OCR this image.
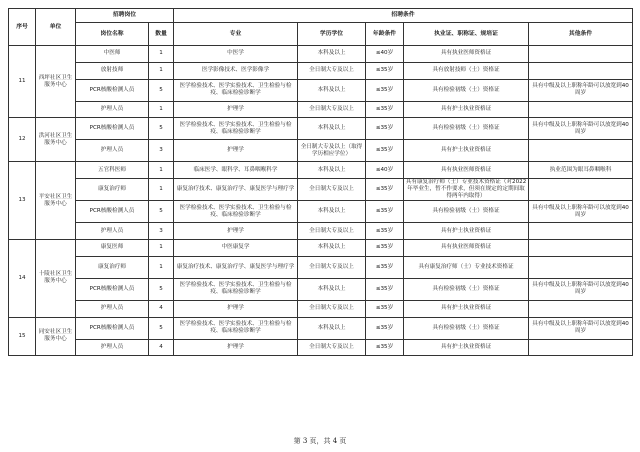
序号	单位	招聘岗位		招聘条件				
		岗位名称	数量	专业	学历学位	年龄条件	执业证、职称证、规培证	其他条件
11	西坪社区卫生服务中心	中医师	1	中医学	本科及以上	≤40岁	具有执业医师资格证	
		放射技师	1	医学影像技术、医学影像学	全日制大专及以上	≤35岁	具有放射技师（士）资格证	
		PCR核酸检测人员	5	医学检验技术、医学实验技术、卫生检验与检疫、临床检验诊断学	本科及以上	≤35岁	具有检验初级（士）资格证	具有中级及以上职称年龄可以放宽到40周岁
		护理人员	1	护理学	全日制大专及以上	≤35岁	具有护士执业资格证	
12	洪河社区卫生服务中心	PCR核酸检测人员	5	医学检验技术、医学实验技术、卫生检验与检疫、临床检验诊断学	本科及以上	≤35岁	具有检验初级（士）资格证	具有中级及以上职称年龄可以放宽到40周岁
		护理人员	3	护理学	全日制大专及以上（取得学历相应学位）	≤35岁	具有护士执业资格证	
13	平安社区卫生服务中心	五官科医师	1	临床医学、眼科学、耳鼻咽喉科学	本科及以上	≤40岁	具有执业医师资格证	执业范围为眼耳鼻咽喉科
		康复治疗师	1	康复治疗技术、康复治疗学、康复医学与理疗学	全日制大专及以上	≤35岁	具有康复治疗师（士）专业技术资格证（对2022年毕业生，暂不作要求，但须在规定的定期间取得两年内取得）	
		PCR核酸检测人员	5	医学检验技术、医学实验技术、卫生检验与检疫、临床检验诊断学	本科及以上	≤35岁	具有检验初级（士）资格证	具有中级及以上职称年龄可以放宽到40周岁
		护理人员	3	护理学	全日制大专及以上	≤35岁	具有护士执业资格证	
14	十陵社区卫生服务中心	康复医师	1	中医康复学	本科及以上	≤35岁	具有执业医师资格证	
		康复治疗师	1	康复治疗技术、康复治疗学、康复医学与理疗学	全日制大专及以上	≤35岁	具有康复治疗师（士）专业技术资格证	
		PCR核酸检测人员	5	医学检验技术、医学实验技术、卫生检验与检疫、临床检验诊断学	本科及以上	≤35岁	具有检验初级（士）资格证	具有中级及以上职称年龄可以放宽到40周岁
		护理人员	4	护理学	全日制大专及以上	≤35岁	具有护士执业资格证	
15	同安社区卫生服务中心	PCR核酸检测人员	5	医学检验技术、医学实验技术、卫生检验与检疫、临床检验诊断学	本科及以上	≤35岁	具有检验初级（士）资格证	具有中级及以上职称年龄可以放宽到40周岁
		护理人员	4	护理学	全日制大专及以上	≤35岁	具有护士执业资格证	
第 3 页，共 4 页
